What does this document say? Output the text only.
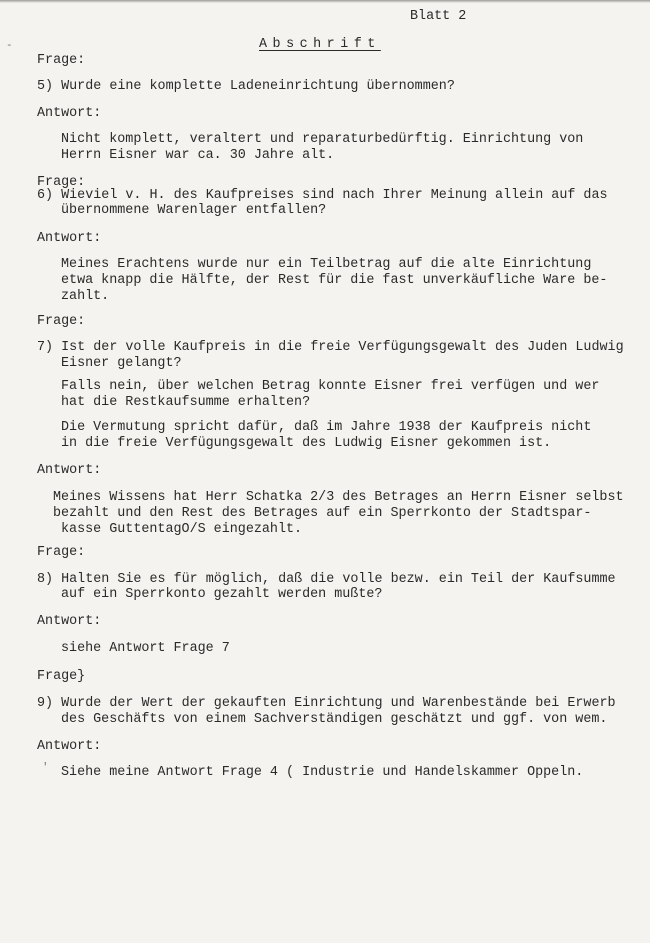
Blatt 2
Abschrift
-
Frage:
5) Wurde eine komplette Ladeneinrichtung übernommen?
Antwort:
Nicht komplett, veraltert und reparaturbedürftig. Einrichtung von
Herrn Eisner war ca. 30 Jahre alt.
Frage:
6) Wieviel v. H. des Kaufpreises sind nach Ihrer Meinung allein auf das
übernommene Warenlager entfallen?
Antwort:
Meines Erachtens wurde nur ein Teilbetrag auf die alte Einrichtung
etwa knapp die Hälfte, der Rest für die fast unverkäufliche Ware be-
zahlt.
Frage:
7) Ist der volle Kaufpreis in die freie Verfügungsgewalt des Juden Ludwig
Eisner gelangt?
Falls nein, über welchen Betrag konnte Eisner frei verfügen und wer
hat die Restkaufsumme erhalten?
Die Vermutung spricht dafür, daß im Jahre 1938 der Kaufpreis nicht
in die freie Verfügungsgewalt des Ludwig Eisner gekommen ist.
Antwort:
Meines Wissens hat Herr Schatka 2/3 des Betrages an Herrn Eisner selbst
bezahlt und den Rest des Betrages auf ein Sperrkonto der Stadtspar-
kasse GuttentagO/S eingezahlt.
Frage:
8) Halten Sie es für möglich, daß die volle bezw. ein Teil der Kaufsumme
auf ein Sperrkonto gezahlt werden mußte?
Antwort:
siehe Antwort Frage 7
Frage}
9) Wurde der Wert der gekauften Einrichtung und Warenbestände bei Erwerb
des Geschäfts von einem Sachverständigen geschätzt und ggf. von wem.
Antwort:
' Siehe meine Antwort Frage 4 ( Industrie und Handelskammer Oppeln.
